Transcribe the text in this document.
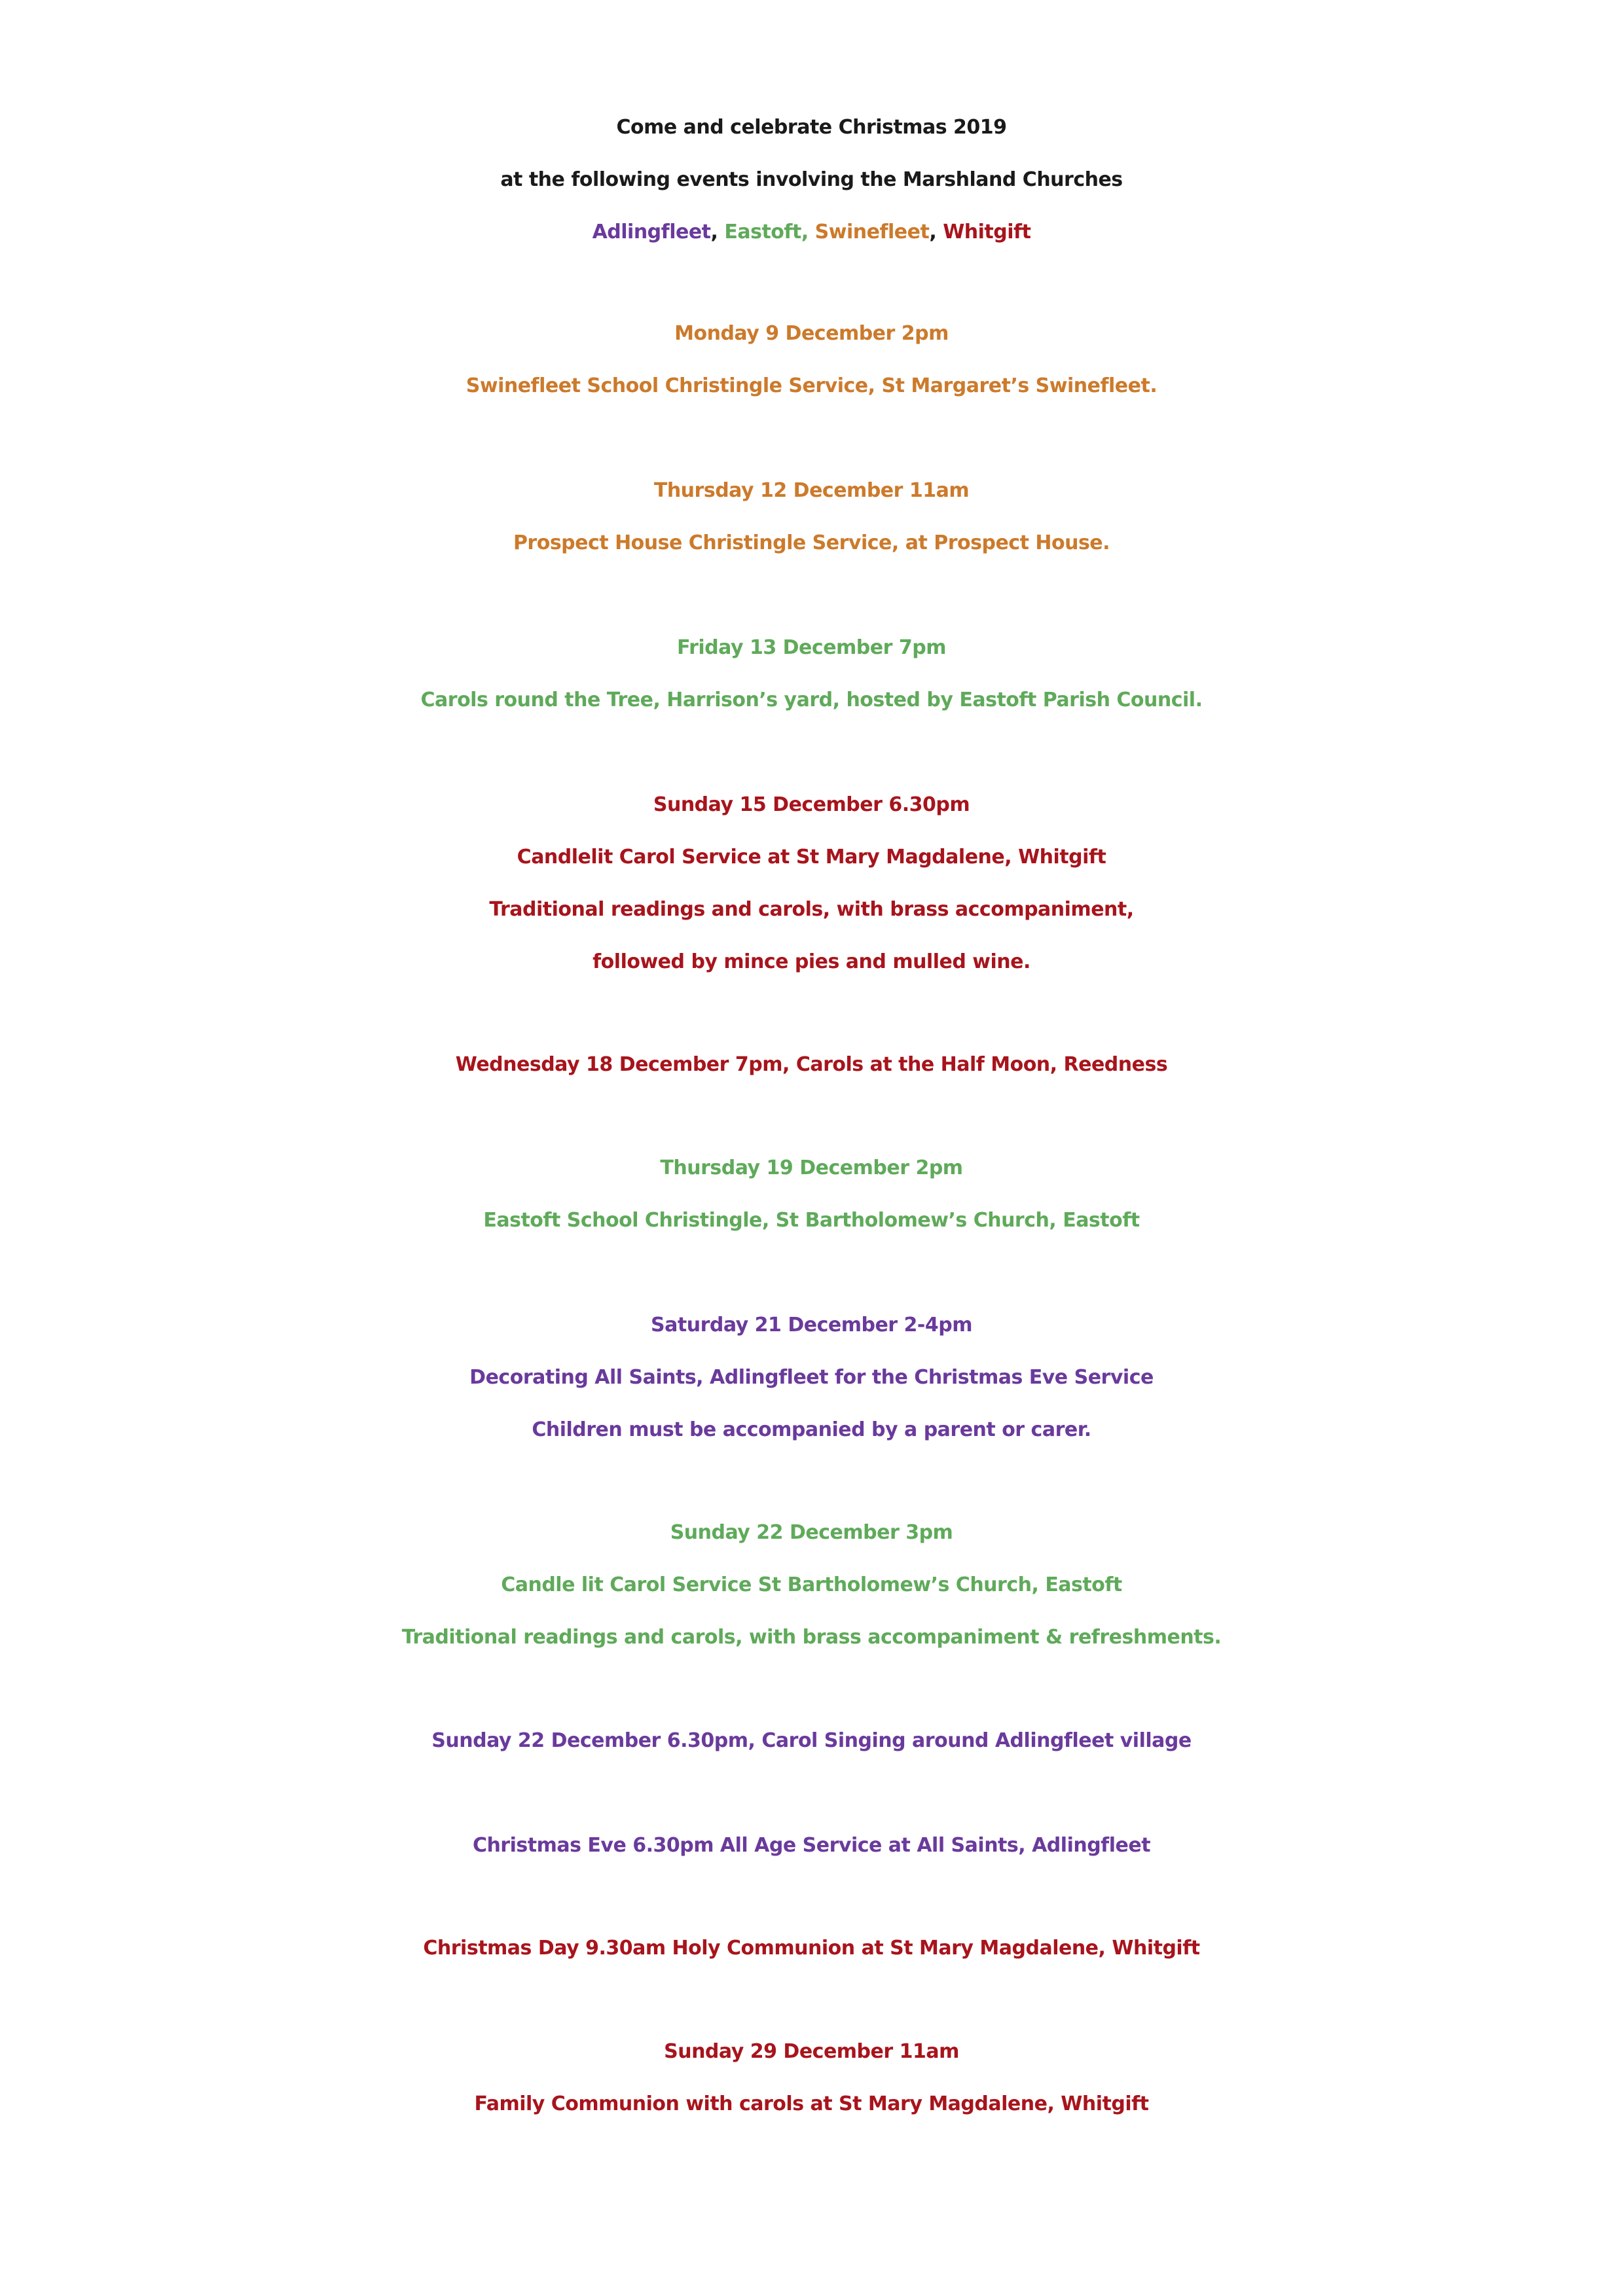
Come and celebrate Christmas 2019
at the following events involving the Marshland Churches
Adlingfleet, Eastoft, Swinefleet, Whitgift
Monday 9 December 2pm
Swinefleet School Christingle Service, St Margaret’s Swinefleet.
Thursday 12 December 11am
Prospect House Christingle Service, at Prospect House.
Friday 13 December 7pm
Carols round the Tree, Harrison’s yard, hosted by Eastoft Parish Council.
Sunday 15 December 6.30pm
Candlelit Carol Service at St Mary Magdalene, Whitgift
Traditional readings and carols, with brass accompaniment,
followed by mince pies and mulled wine.
Wednesday 18 December 7pm, Carols at the Half Moon, Reedness
Thursday 19 December 2pm
Eastoft School Christingle, St Bartholomew’s Church, Eastoft
Saturday 21 December 2-4pm
Decorating All Saints, Adlingfleet for the Christmas Eve Service
Children must be accompanied by a parent or carer.
Sunday 22 December 3pm
Candle lit Carol Service St Bartholomew’s Church, Eastoft
Traditional readings and carols, with brass accompaniment & refreshments.
Sunday 22 December 6.30pm, Carol Singing around Adlingfleet village
Christmas Eve 6.30pm All Age Service at All Saints, Adlingfleet
Christmas Day 9.30am Holy Communion at St Mary Magdalene, Whitgift
Sunday 29 December 11am
Family Communion with carols at St Mary Magdalene, Whitgift
